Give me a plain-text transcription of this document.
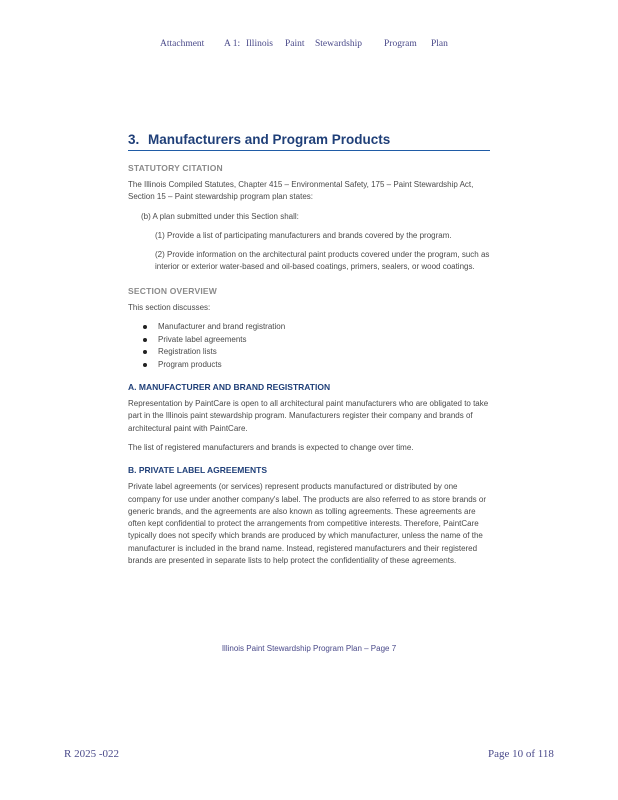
Attachment A 1: Illinois Paint Stewardship Program Plan
3. Manufacturers and Program Products
STATUTORY CITATION

The Illinois Compiled Statutes, Chapter 415 – Environmental Safety, 175 – Paint Stewardship Act, Section 15 – Paint stewardship program plan states:

(b) A plan submitted under this Section shall:

(1) Provide a list of participating manufacturers and brands covered by the program.

(2) Provide information on the architectural paint products covered under the program, such as interior or exterior water-based and oil-based coatings, primers, sealers, or wood coatings.

SECTION OVERVIEW

This section discusses:

Manufacturer and brand registration
Private label agreements
Registration lists
Program products
A. MANUFACTURER AND BRAND REGISTRATION

Representation by PaintCare is open to all architectural paint manufacturers who are obligated to take part in the Illinois paint stewardship program. Manufacturers register their company and brands of architectural paint with PaintCare.

The list of registered manufacturers and brands is expected to change over time.

B. PRIVATE LABEL AGREEMENTS

Private label agreements (or services) represent products manufactured or distributed by one company for use under another company's label. The products are also referred to as store brands or generic brands, and the agreements are also known as tolling agreements. These agreements are often kept confidential to protect the arrangements from competitive interests. Therefore, PaintCare typically does not specify which brands are produced by which manufacturer, unless the name of the manufacturer is included in the brand name. Instead, registered manufacturers and their registered brands are presented in separate lists to help protect the confidentiality of these agreements.

Illinois Paint Stewardship Program Plan – Page 7
R 2025 -022	Page 10 of 118
